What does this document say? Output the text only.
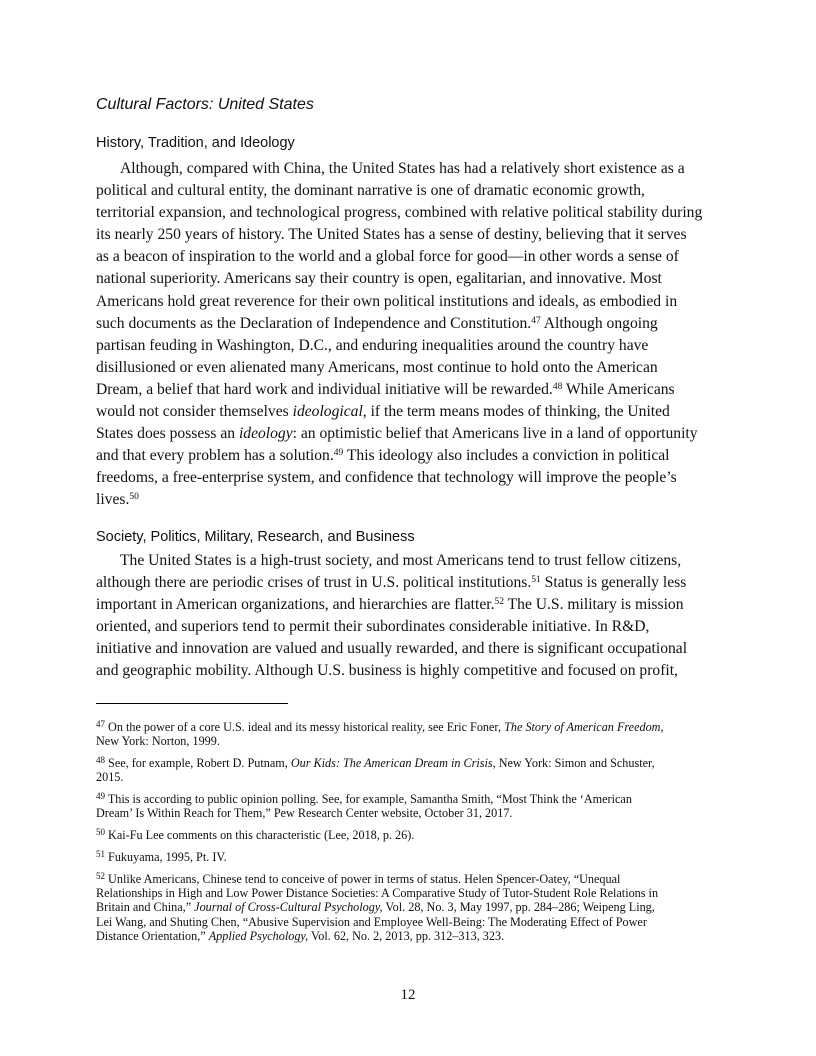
Cultural Factors: United States
History, Tradition, and Ideology
Although, compared with China, the United States has had a relatively short existence as a
political and cultural entity, the dominant narrative is one of dramatic economic growth,
territorial expansion, and technological progress, combined with relative political stability during
its nearly 250 years of history. The United States has a sense of destiny, believing that it serves
as a beacon of inspiration to the world and a global force for good—in other words a sense of
national superiority. Americans say their country is open, egalitarian, and innovative. Most
Americans hold great reverence for their own political institutions and ideals, as embodied in
such documents as the Declaration of Independence and Constitution.$^{47}$ Although ongoing
partisan feuding in Washington, D.C., and enduring inequalities around the country have
disillusioned or even alienated many Americans, most continue to hold onto the American
Dream, a belief that hard work and individual initiative will be rewarded.$^{48}$ While Americans
would not consider themselves ideological, if the term means modes of thinking, the United
States does possess an ideology: an optimistic belief that Americans live in a land of opportunity
and that every problem has a solution.$^{49}$ This ideology also includes a conviction in political
freedoms, a free-enterprise system, and confidence that technology will improve the people’s
lives.$^{50}$
Society, Politics, Military, Research, and Business
The United States is a high-trust society, and most Americans tend to trust fellow citizens,
although there are periodic crises of trust in U.S. political institutions.$^{51}$ Status is generally less
important in American organizations, and hierarchies are flatter.$^{52}$ The U.S. military is mission
oriented, and superiors tend to permit their subordinates considerable initiative. In R&D,
initiative and innovation are valued and usually rewarded, and there is significant occupational
and geographic mobility. Although U.S. business is highly competitive and focused on profit,
$^{47}$ On the power of a core U.S. ideal and its messy historical reality, see Eric Foner, The Story of American Freedom,
New York: Norton, 1999.
$^{48}$ See, for example, Robert D. Putnam, Our Kids: The American Dream in Crisis, New York: Simon and Schuster,
2015.
$^{49}$ This is according to public opinion polling. See, for example, Samantha Smith, “Most Think the ‘American
Dream’ Is Within Reach for Them,” Pew Research Center website, October 31, 2017.
$^{50}$ Kai-Fu Lee comments on this characteristic (Lee, 2018, p. 26).
$^{51}$ Fukuyama, 1995, Pt. IV.
$^{52}$ Unlike Americans, Chinese tend to conceive of power in terms of status. Helen Spencer-Oatey, “Unequal
Relationships in High and Low Power Distance Societies: A Comparative Study of Tutor-Student Role Relations in
Britain and China,” Journal of Cross-Cultural Psychology, Vol. 28, No. 3, May 1997, pp. 284–286; Weipeng Ling,
Lei Wang, and Shuting Chen, “Abusive Supervision and Employee Well-Being: The Moderating Effect of Power
Distance Orientation,” Applied Psychology, Vol. 62, No. 2, 2013, pp. 312–313, 323.
12
